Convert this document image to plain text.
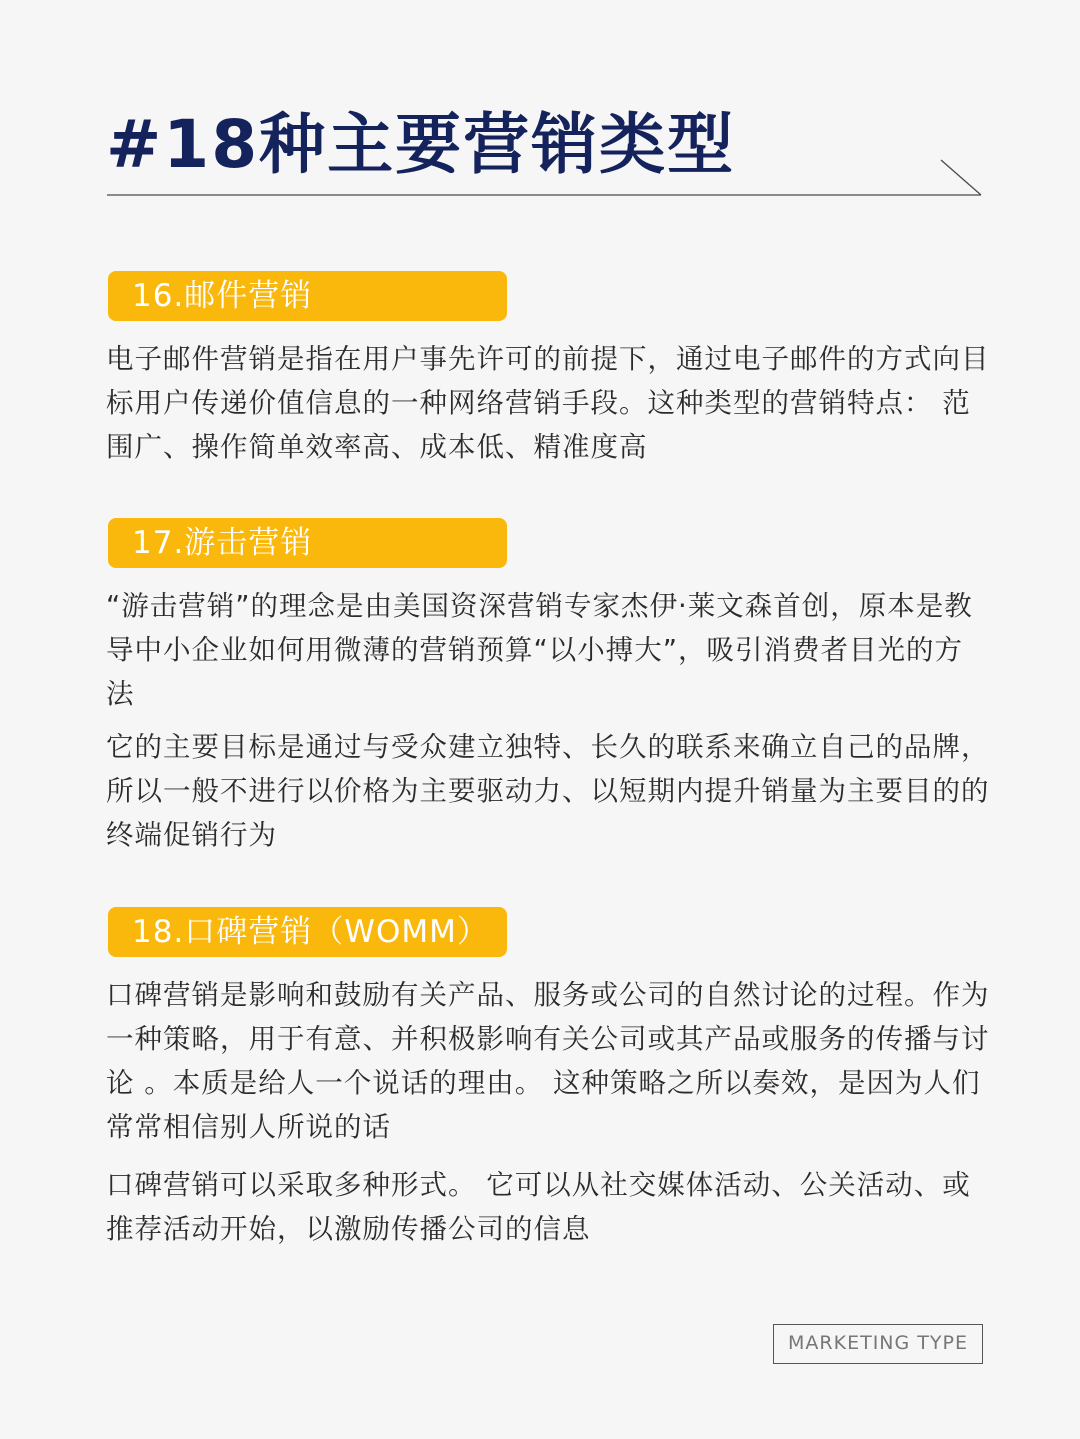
#18种主要营销类型
16.邮件营销

电子邮件营销是指在用户事先许可的前提下，通过电子邮件的方式向目标用户传递价值信息的一种网络营销手段。这种类型的营销特点： 范围广、操作简单效率高、成本低、精准度高

17.游击营销

“游击营销”的理念是由美国资深营销专家杰伊·莱文森首创，原本是教导中小企业如何用微薄的营销预算“以小搏大”，吸引消费者目光的方法

它的主要目标是通过与受众建立独特、长久的联系来确立自己的品牌，所以一般不进行以价格为主要驱动力、以短期内提升销量为主要目的的终端促销行为

18.口碑营销（WOMM）

口碑营销是影响和鼓励有关产品、服务或公司的自然讨论的过程。作为一种策略，用于有意、并积极影响有关公司或其产品或服务的传播与讨论 。本质是给人一个说话的理由。 这种策略之所以奏效，是因为人们常常相信别人所说的话

口碑营销可以采取多种形式。 它可以从社交媒体活动、公关活动、或推荐活动开始，以激励传播公司的信息

MARKETING TYPE
